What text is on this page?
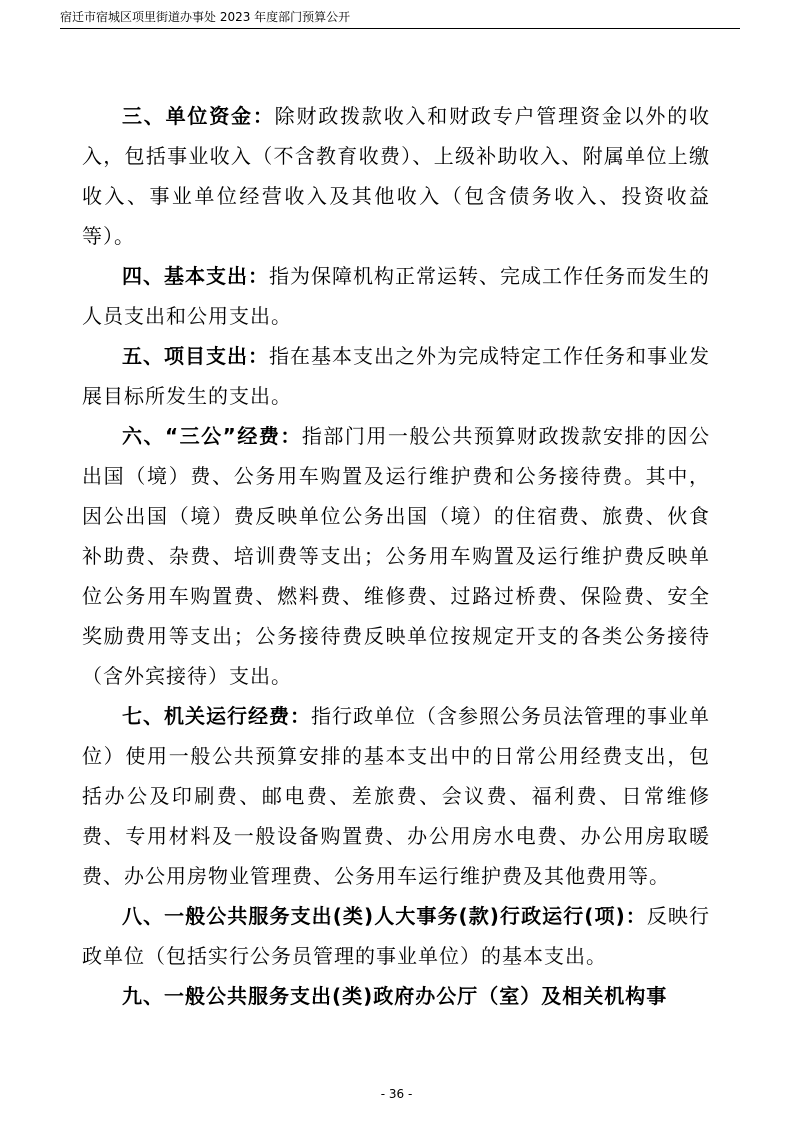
宿迁市宿城区项里街道办事处 2023 年度部门预算公开

三、单位资金：除财政拨款收入和财政专户管理资金以外的收入，包括事业收入（不含教育收费）、上级补助收入、附属单位上缴收入、事业单位经营收入及其他收入（包含债务收入、投资收益等）。

四、基本支出：指为保障机构正常运转、完成工作任务而发生的人员支出和公用支出。

五、项目支出：指在基本支出之外为完成特定工作任务和事业发展目标所发生的支出。

六、“三公”经费：指部门用一般公共预算财政拨款安排的因公出国（境）费、公务用车购置及运行维护费和公务接待费。其中，因公出国（境）费反映单位公务出国（境）的住宿费、旅费、伙食补助费、杂费、培训费等支出；公务用车购置及运行维护费反映单位公务用车购置费、燃料费、维修费、过路过桥费、保险费、安全奖励费用等支出；公务接待费反映单位按规定开支的各类公务接待（含外宾接待）支出。

七、机关运行经费：指行政单位（含参照公务员法管理的事业单位）使用一般公共预算安排的基本支出中的日常公用经费支出，包括办公及印刷费、邮电费、差旅费、会议费、福利费、日常维修费、专用材料及一般设备购置费、办公用房水电费、办公用房取暖费、办公用房物业管理费、公务用车运行维护费及其他费用等。

八、一般公共服务支出(类)人大事务(款)行政运行(项)：反映行政单位（包括实行公务员管理的事业单位）的基本支出。

九、一般公共服务支出(类)政府办公厅（室）及相关机构事

- 36 -
